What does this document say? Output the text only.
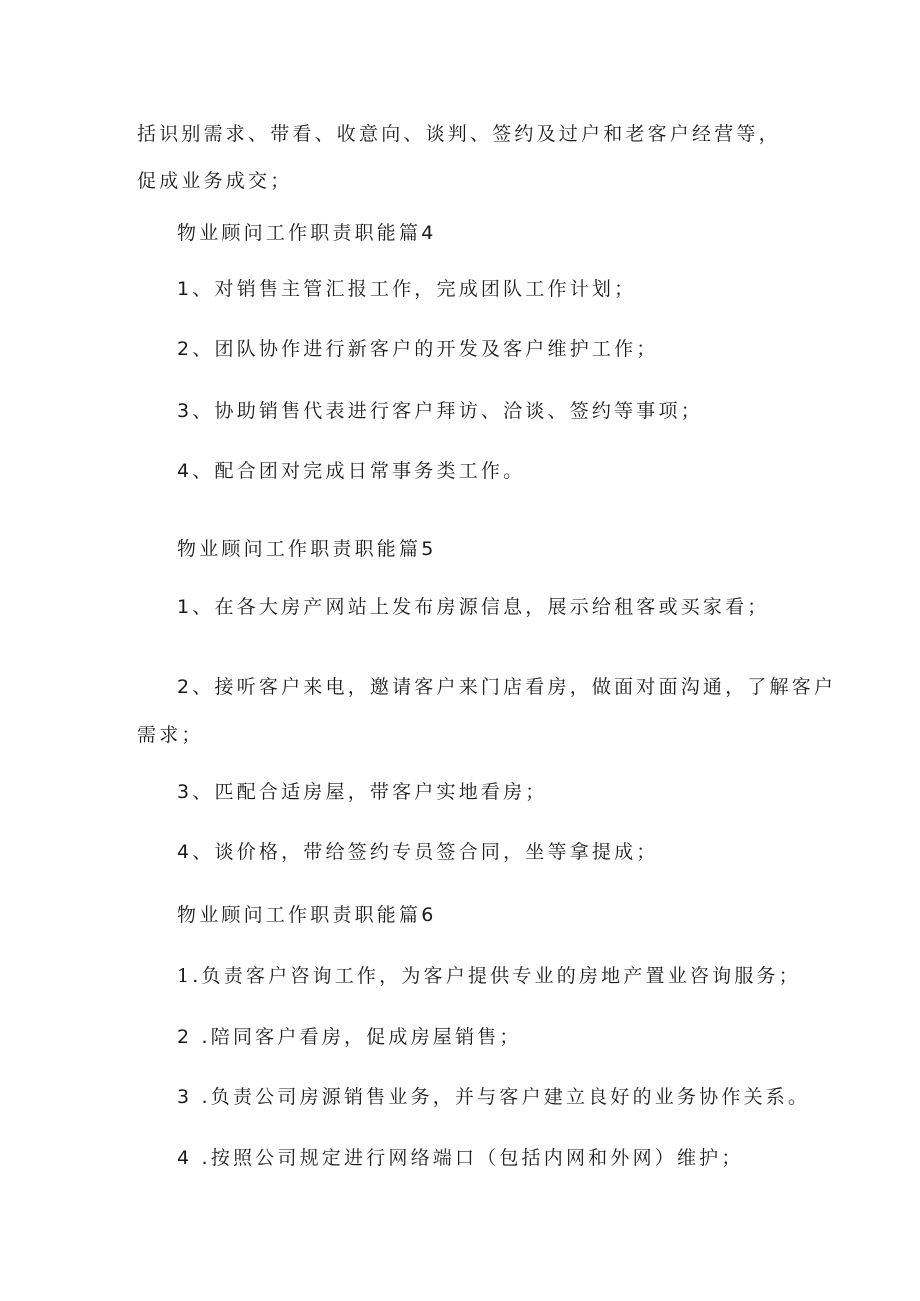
括识别需求、带看、收意向、谈判、签约及过户和老客户经营等，
促成业务成交；
物业顾问工作职责职能篇4
1、对销售主管汇报工作，完成团队工作计划；
2、团队协作进行新客户的开发及客户维护工作；
3、协助销售代表进行客户拜访、洽谈、签约等事项；
4、配合团对完成日常事务类工作。
物业顾问工作职责职能篇5
1、在各大房产网站上发布房源信息，展示给租客或买家看；
2、接听客户来电，邀请客户来门店看房，做面对面沟通，了解客户
需求；
3、匹配合适房屋，带客户实地看房；
4、谈价格，带给签约专员签合同，坐等拿提成；
物业顾问工作职责职能篇6
1.负责客户咨询工作，为客户提供专业的房地产置业咨询服务；
2 .陪同客户看房，促成房屋销售；
3 .负责公司房源销售业务，并与客户建立良好的业务协作关系。
4 .按照公司规定进行网络端口（包括内网和外网）维护；
